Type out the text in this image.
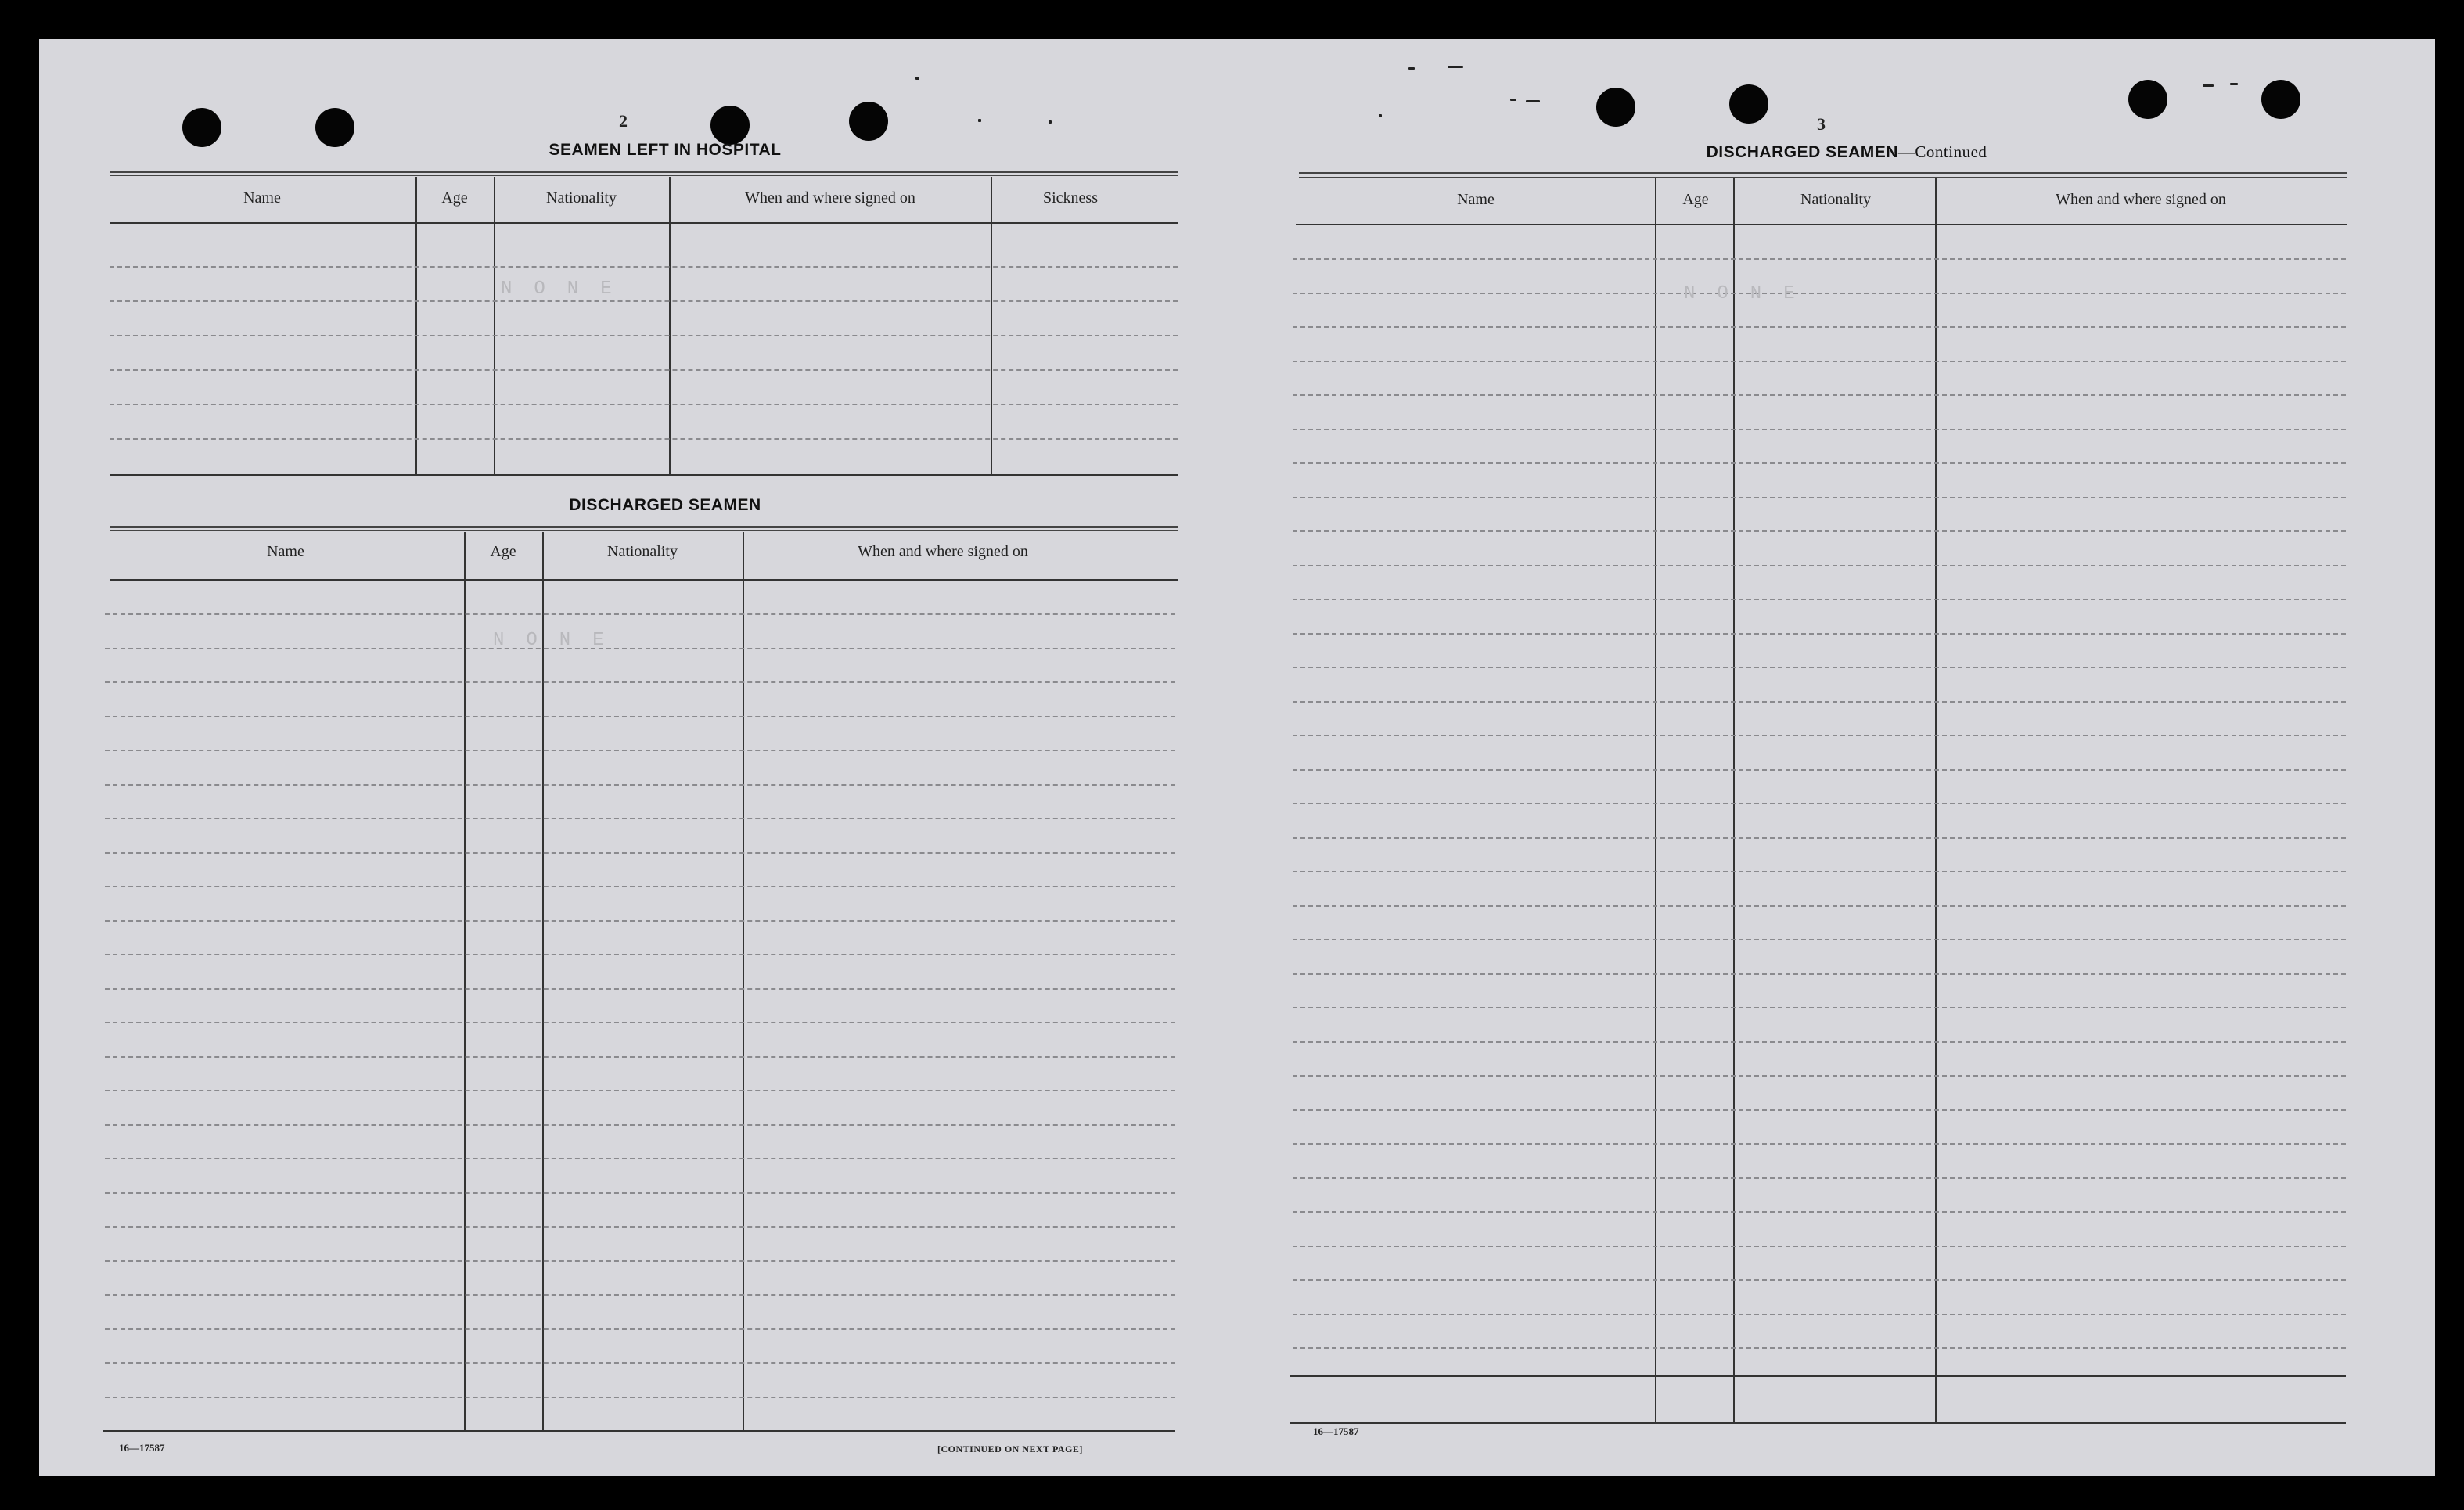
2
SEAMEN LEFT IN HOSPITAL
Name	Age	Nationality	When and where signed on	Sickness
NONE
DISCHARGED SEAMEN
Name	Age	Nationality	When and where signed on
NONE
16—17587	[CONTINUED ON NEXT PAGE]
3
DISCHARGED SEAMEN—Continued
Name	Age	Nationality	When and where signed on
NONE
16—17587
